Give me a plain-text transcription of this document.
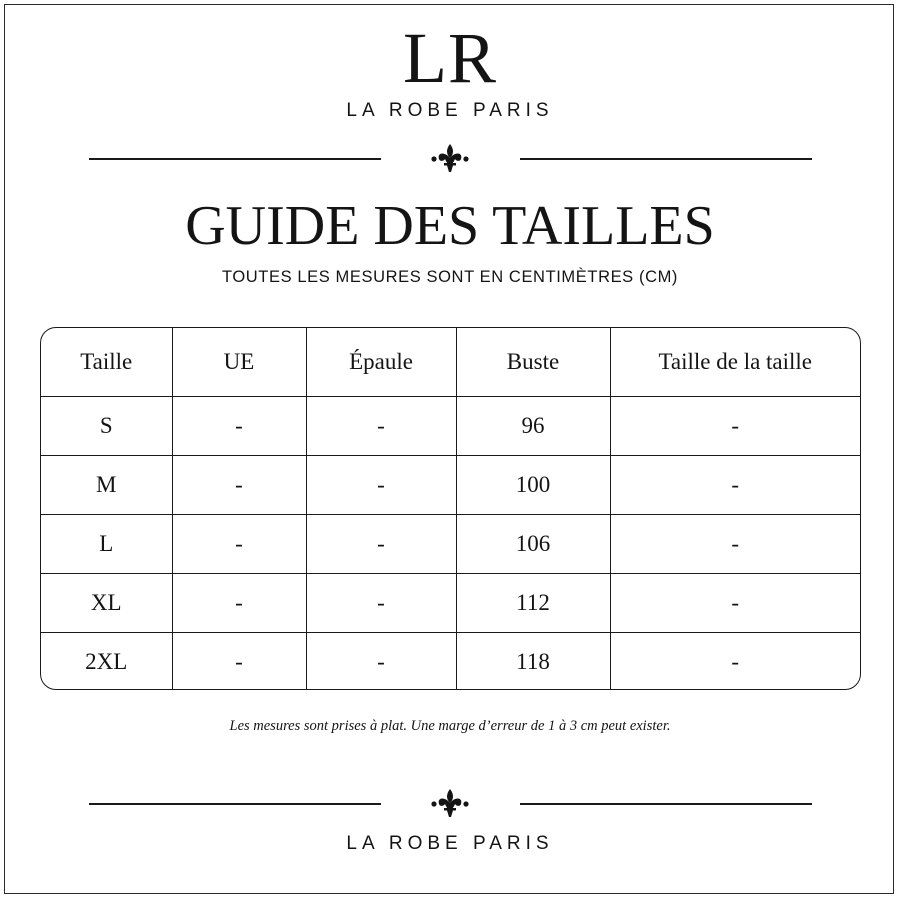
LR
LA ROBE PARIS
GUIDE DES TAILLES
TOUTES LES MESURES SONT EN CENTIMÈTRES (CM)
Taille	UE	Épaule	Buste	Taille de la taille
S	-	-	96	-
M	-	-	100	-
L	-	-	106	-
XL	-	-	112	-
2XL	-	-	118	-
Les mesures sont prises à plat. Une marge d’erreur de 1 à 3 cm peut exister.
LA ROBE PARIS
